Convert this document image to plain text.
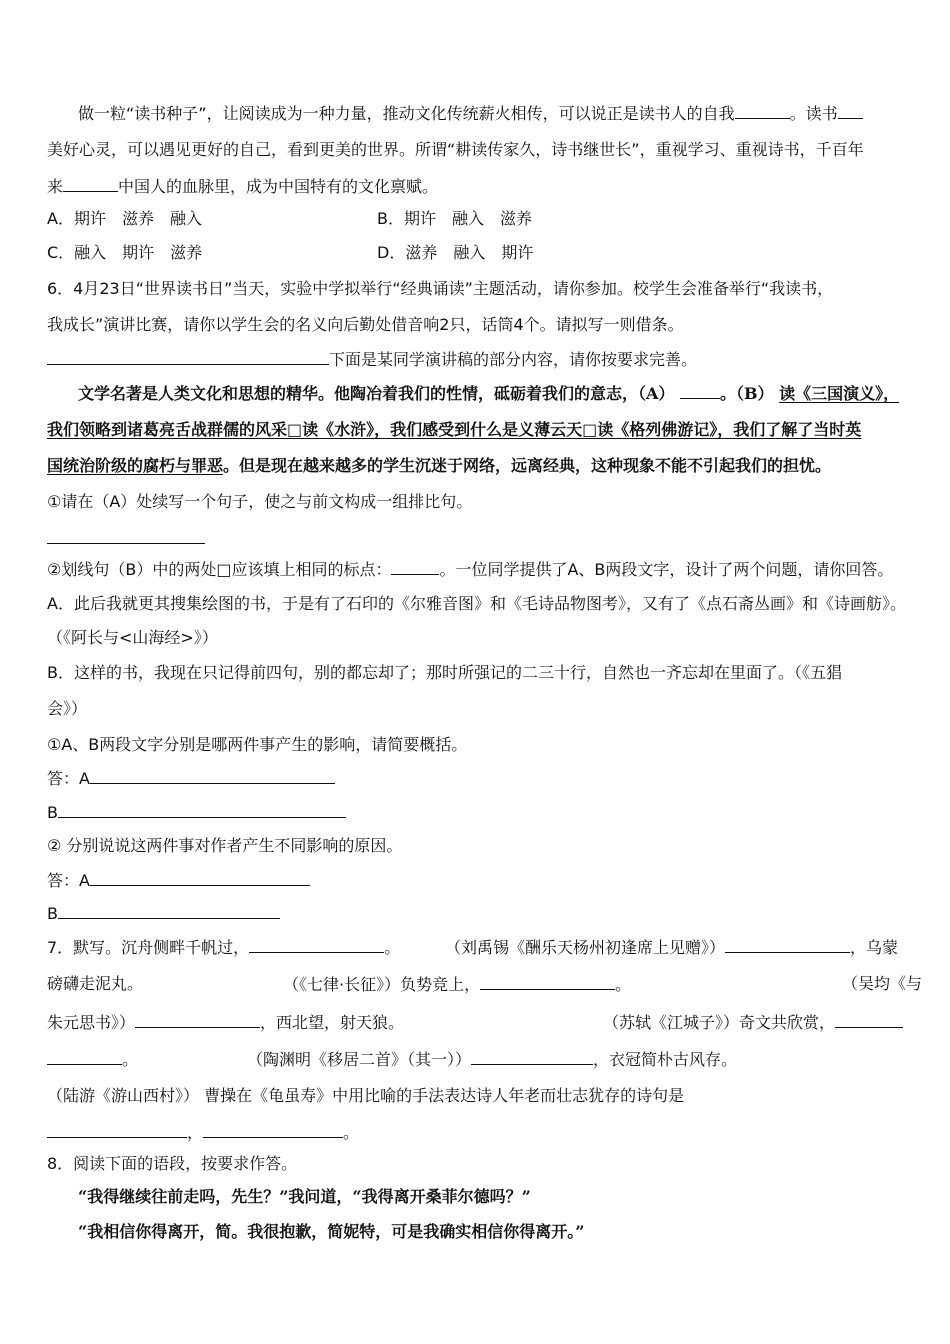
做一粒“读书种子”，让阅读成为一种力量，推动文化传统薪火相传，可以说正是读书人的自我	。读书
美好心灵，可以遇见更好的自己，看到更美的世界。所谓“耕读传家久，诗书继世长”，重视学习、重视诗书，千百年
来	中国人的血脉里，成为中国特有的文化禀赋。
A．期许　滋养　融入	B．期许　融入　滋养
C．融入　期许　滋养	D．滋养　融入　期许
6．4月23日“世界读书日”当天，实验中学拟举行“经典诵读”主题活动，请你参加。校学生会准备举行“我读书，
我成长”演讲比赛，请你以学生会的名义向后勤处借音响2只，话筒4个。请拟写一则借条。
下面是某同学演讲稿的部分内容，请你按要求完善。
文学名著是人类文化和思想的精华。他陶冶着我们的性情，砥砺着我们的意志，（A）	。（B） 读《三国演义》，
我们领略到诸葛亮舌战群儒的风采□读《水浒》，我们感受到什么是义薄云天□读《格列佛游记》，我们了解了当时英
国统治阶级的腐朽与罪恶。但是现在越来越多的学生沉迷于网络，远离经典，这种现象不能不引起我们的担忧。
①请在（A）处续写一个句子，使之与前文构成一组排比句。
②划线句（B）中的两处□应该填上相同的标点：	。一位同学提供了A、B两段文字，设计了两个问题，请你回答。
A．此后我就更其搜集绘图的书，于是有了石印的《尔雅音图》和《毛诗品物图考》，又有了《点石斋丛画》和《诗画舫》。
（《阿长与<山海经>》）
B．这样的书，我现在只记得前四句，别的都忘却了；那时所强记的二三十行，自然也一齐忘却在里面了。（《五猖
会》）
①A、B两段文字分别是哪两件事产生的影响，请简要概括。
答：A
B
② 分别说说这两件事对作者产生不同影响的原因。
答：A
B
7．默写。沉舟侧畔千帆过，	。	（刘禹锡《酬乐天杨州初逢席上见赠》）	，乌蒙
磅礴走泥丸。	（《七律·长征》）负势竞上，	。	（吴均《与
朱元思书》）	，西北望，射天狼。	（苏轼《江城子》）奇文共欣赏，
。	（陶渊明《移居二首》（其一））	，衣冠简朴古风存。
（陆游《游山西村》） 曹操在《龟虽寿》中用比喻的手法表达诗人年老而壮志犹存的诗句是
，	。
8．阅读下面的语段，按要求作答。
“我得继续往前走吗，先生？”我问道，“我得离开桑菲尔德吗？”
“我相信你得离开，简。我很抱歉，简妮特，可是我确实相信你得离开。”
